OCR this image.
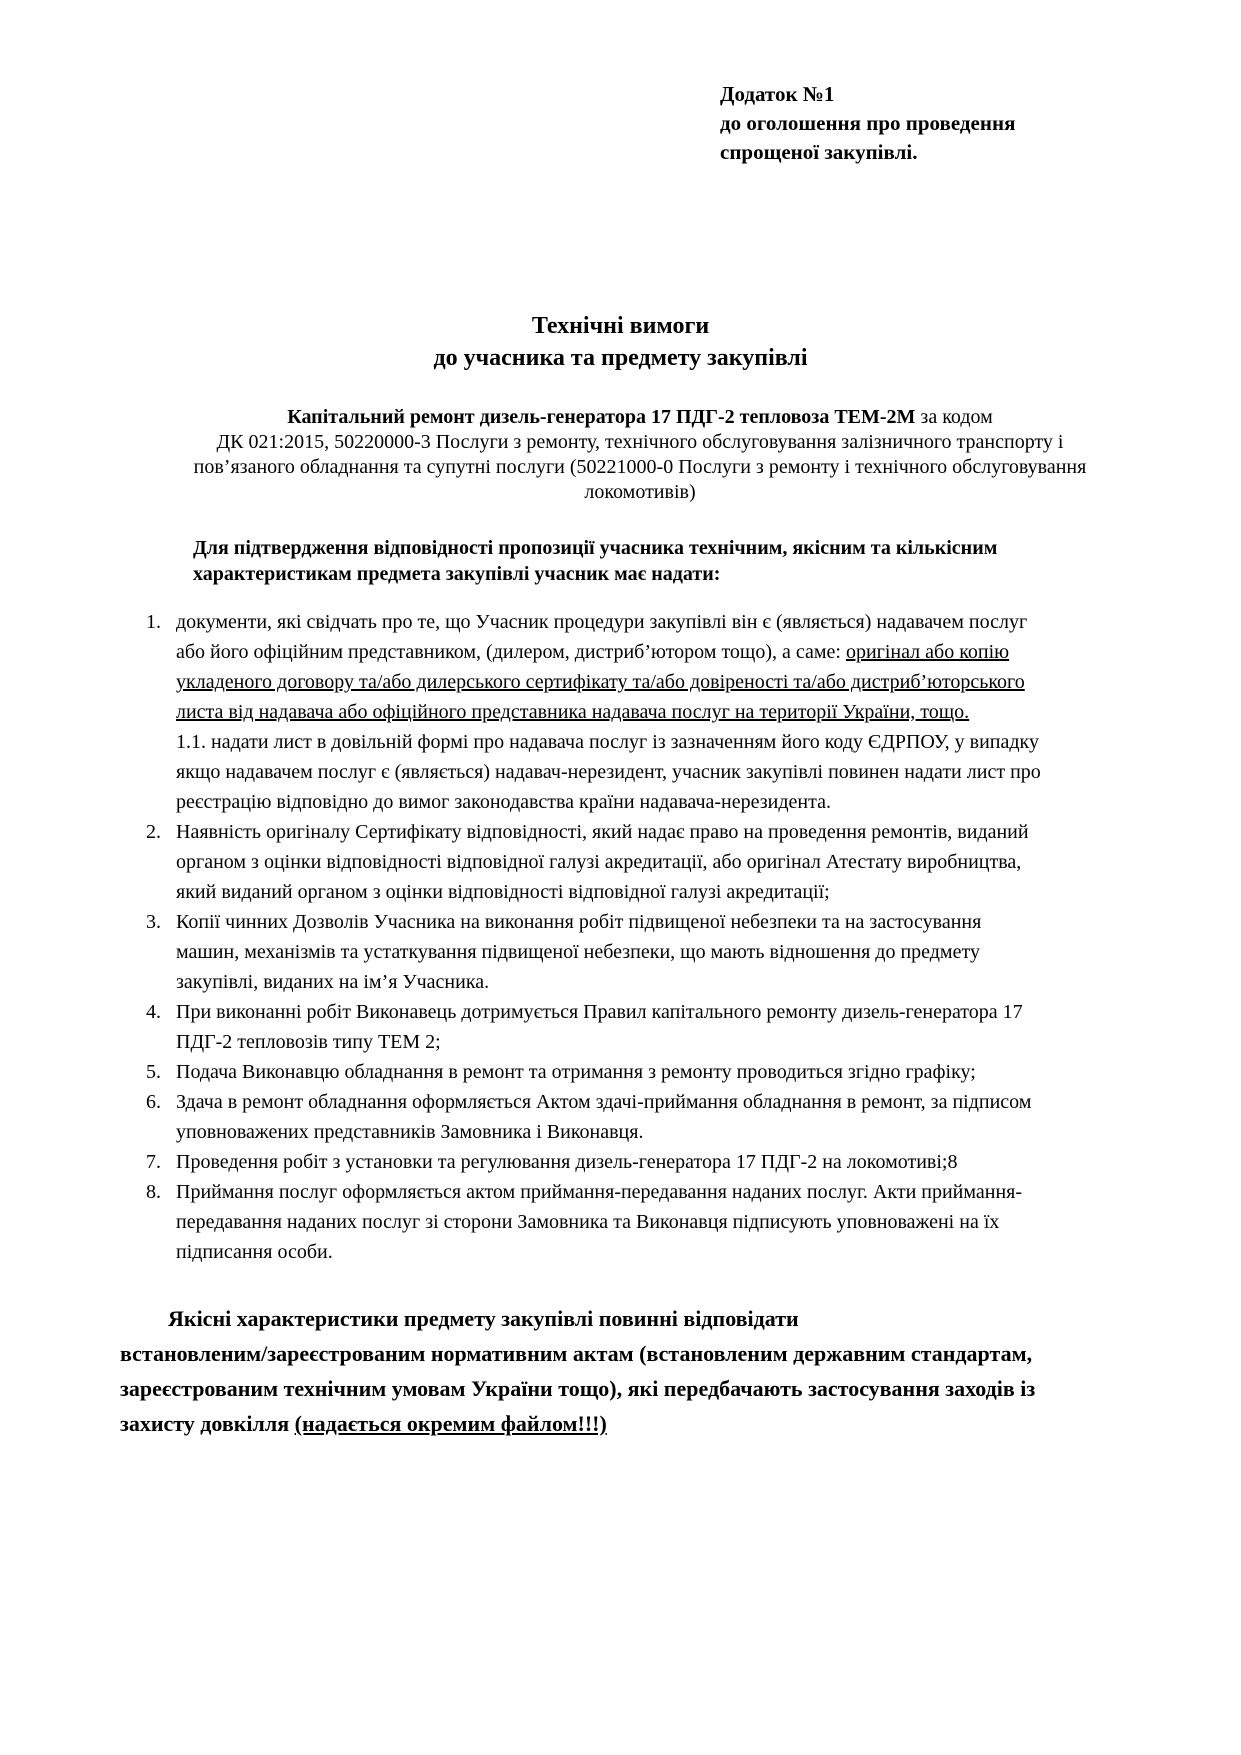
Додаток №1
до оголошення про проведення
спрощеної закупівлі.
Технічні вимоги
до учасника та предмету закупівлі
Капітальний ремонт дизель-генератора 17 ПДГ-2 тепловоза ТЕМ-2М за кодом
ДК 021:2015, 50220000-3 Послуги з ремонту, технічного обслуговування залізничного транспорту і
пов’язаного обладнання та супутні послуги (50221000-0 Послуги з ремонту і технічного обслуговування
локомотивів)
Для підтвердження відповідності пропозиції учасника технічним, якісним та кількісним
характеристикам предмета закупівлі учасник має надати:
1. документи, які свідчать про те, що Учасник процедури закупівлі він є (являється) надавачем послуг
або його офіційним представником, (дилером, дистриб’ютором тощо), а саме: оригінал або копію
укладеного договору та/або дилерського сертифікату та/або довіреності та/або дистриб’юторського
листа від надавача або офіційного представника надавача послуг на території України, тощо.
1.1. надати лист в довільній формі про надавача послуг із зазначенням його коду ЄДРПОУ, у випадку
якщо надавачем послуг є (являється) надавач-нерезидент, учасник закупівлі повинен надати лист про
реєстрацію відповідно до вимог законодавства країни надавача-нерезидента.
2. Наявність оригіналу Сертифікату відповідності, який надає право на проведення ремонтів, виданий
органом з оцінки відповідності відповідної галузі акредитації, або оригінал Атестату виробництва,
який виданий органом з оцінки відповідності відповідної галузі акредитації;
3. Копії чинних Дозволів Учасника на виконання робіт підвищеної небезпеки та на застосування
машин, механізмів та устаткування підвищеної небезпеки, що мають відношення до предмету
закупівлі, виданих на ім’я Учасника.
4. При виконанні робіт Виконавець дотримується Правил капітального ремонту дизель-генератора 17
ПДГ-2 тепловозів типу ТЕМ 2;
5. Подача Виконавцю обладнання в ремонт та отримання з ремонту проводиться згідно графіку;
6. Здача в ремонт обладнання оформляється Актом здачі-приймання обладнання в ремонт, за підписом
уповноважених представників Замовника і Виконавця.
7. Проведення робіт з установки та регулювання дизель-генератора 17 ПДГ-2 на локомотиві;8
8. Приймання послуг оформляється актом приймання-передавання наданих послуг. Акти приймання-
передавання наданих послуг зі сторони Замовника та Виконавця підписують уповноважені на їх
підписання особи.
Якісні характеристики предмету закупівлі повинні відповідати
встановленим/зареєстрованим нормативним актам (встановленим державним стандартам,
зареєстрованим технічним умовам України тощо), які передбачають застосування заходів із
захисту довкілля (надається окремим файлом!!!)
